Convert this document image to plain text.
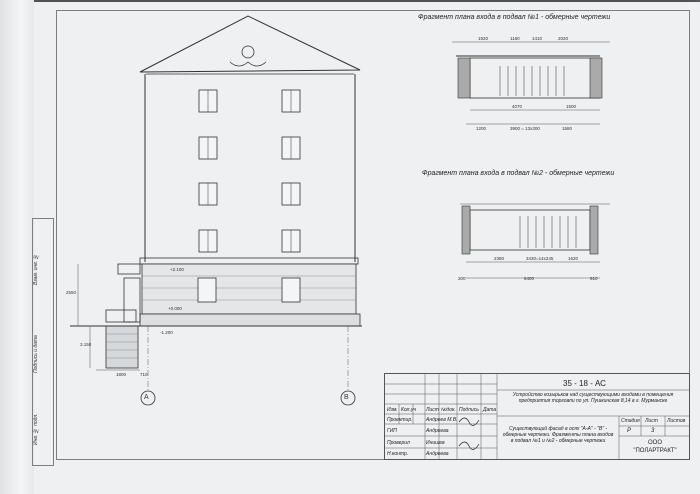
Инв. № подл.
Подпись и дата
Взам. инв. №
Фрагмент плана входа в подвал №1 - обмерные чертежи
Фрагмент плана входа в подвал №2 - обмерные чертежи
1920	1160	1410	2020
4070	1500
1200	3900 = 13x300	1580
2380	3430=14x245	1620
300	6400	910
А	В
+2.100
+0.000
-1.200
3.150
2550
1800	710
35 - 18 - АС
Устройство козырьков над существующими входами в помещения предприятия торговли по ул. Пушкинская 8,14 в г. Мурманске
Изм. Кол.уч Лист №док. Подпись Дата
Проектир.	Андреев М.В.
ГИП	Андреева
Проверил	Инишев
Н.контр.	Андреева
Стадия Лист Листов
Р	3
Существующий фасад в осях "А-А" - "В" - обмерные чертежи. Фрагменты плана входов в подвал №1 и №2 - обмерные чертежи	ООО
"ПОЛАРТРАКТ"
